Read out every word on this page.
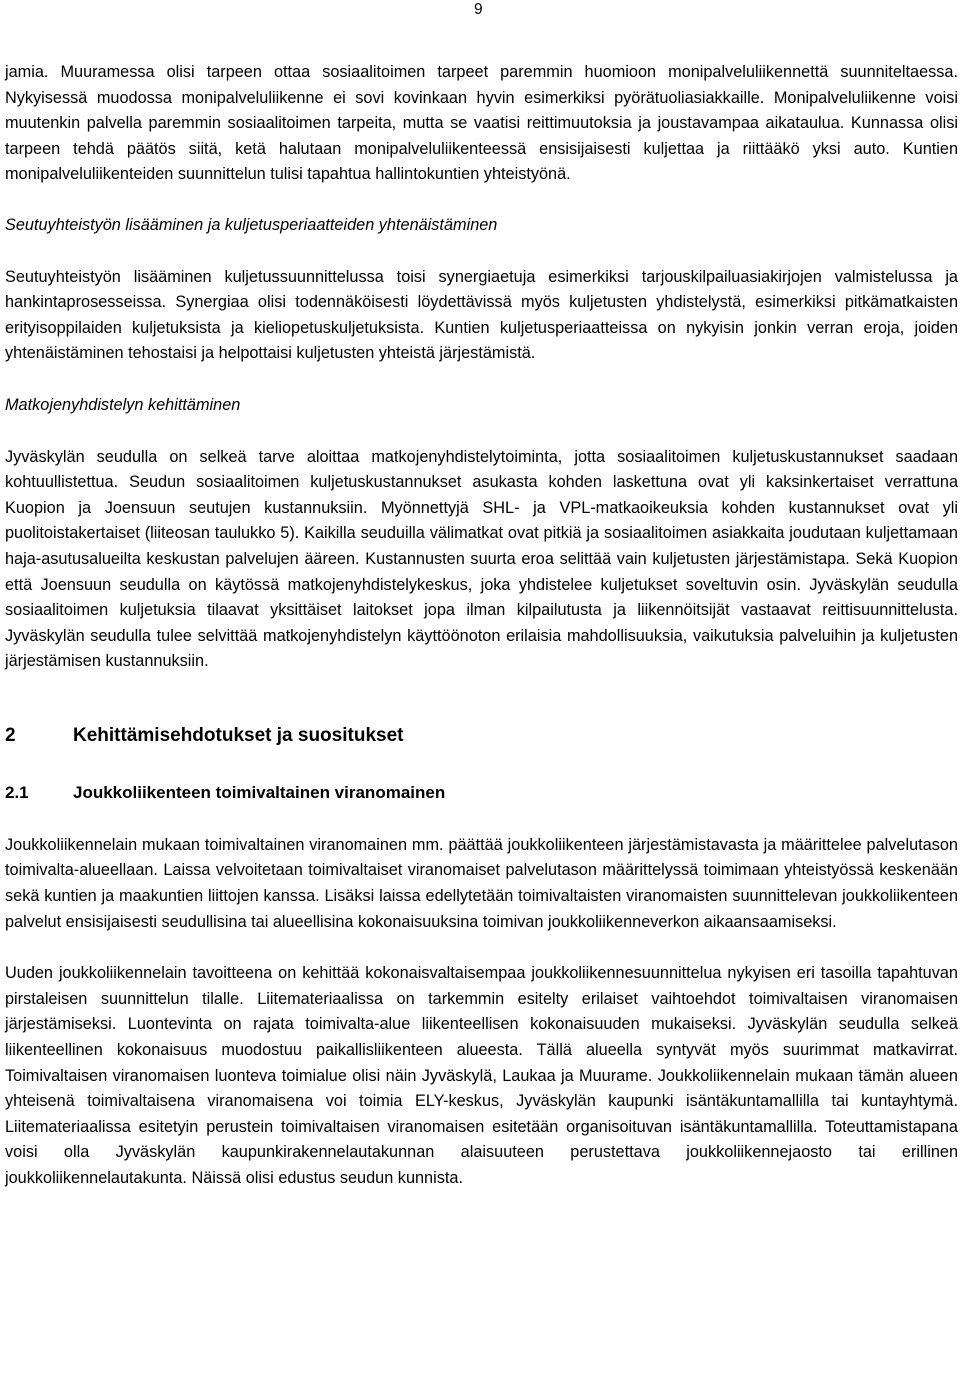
9

jamia. Muuramessa olisi tarpeen ottaa sosiaalitoimen tarpeet paremmin huomioon monipalveluliikennettä suunniteltaessa. Nykyisessä muodossa monipalveluliikenne ei sovi kovinkaan hyvin esimerkiksi pyörätuoliasiakkaille. Monipalveluliikenne voisi muutenkin palvella paremmin sosiaalitoimen tarpeita, mutta se vaatisi reittimuutoksia ja joustavampaa aikataulua. Kunnassa olisi tarpeen tehdä päätös siitä, ketä halutaan monipalveluliikenteessä ensisijaisesti kuljettaa ja riittääkö yksi auto. Kuntien monipalveluliikenteiden suunnittelun tulisi tapahtua hallintokuntien yhteistyönä.

Seutuyhteistyön lisääminen ja kuljetusperiaatteiden yhtenäistäminen

Seutuyhteistyön lisääminen kuljetussuunnittelussa toisi synergiaetuja esimerkiksi tarjouskilpailuasiakirjojen valmistelussa ja hankintaprosesseissa. Synergiaa olisi todennäköisesti löydettävissä myös kuljetusten yhdistelystä, esimerkiksi pitkämatkaisten erityisoppilaiden kuljetuksista ja kieliopetuskuljetuksista. Kuntien kuljetusperiaatteissa on nykyisin jonkin verran eroja, joiden yhtenäistäminen tehostaisi ja helpottaisi kuljetusten yhteistä järjestämistä.

Matkojenyhdistelyn kehittäminen

Jyväskylän seudulla on selkeä tarve aloittaa matkojenyhdistelytoiminta, jotta sosiaalitoimen kuljetuskustannukset saadaan kohtuullistettua. Seudun sosiaalitoimen kuljetuskustannukset asukasta kohden laskettuna ovat yli kaksinkertaiset verrattuna Kuopion ja Joensuun seutujen kustannuksiin. Myönnettyjä SHL- ja VPL-matkaoikeuksia kohden kustannukset ovat yli puolitoistakertaiset (liiteosan taulukko 5). Kaikilla seuduilla välimatkat ovat pitkiä ja sosiaalitoimen asiakkaita joudutaan kuljettamaan haja-asutusalueilta keskustan palvelujen ääreen. Kustannusten suurta eroa selittää vain kuljetusten järjestämistapa. Sekä Kuopion että Joensuun seudulla on käytössä matkojenyhdistelykeskus, joka yhdistelee kuljetukset soveltuvin osin. Jyväskylän seudulla sosiaalitoimen kuljetuksia tilaavat yksittäiset laitokset jopa ilman kilpailutusta ja liikennöitsijät vastaavat reittisuunnittelusta. Jyväskylän seudulla tulee selvittää matkojenyhdistelyn käyttöönoton erilaisia mahdollisuuksia, vaikutuksia palveluihin ja kuljetusten järjestämisen kustannuksiin.

2	Kehittämisehdotukset ja suositukset
2.1	Joukkoliikenteen toimivaltainen viranomainen

Joukkoliikennelain mukaan toimivaltainen viranomainen mm. päättää joukkoliikenteen järjestämistavasta ja määrittelee palvelutason toimivalta-alueellaan. Laissa velvoitetaan toimivaltaiset viranomaiset palvelutason määrittelyssä toimimaan yhteistyössä keskenään sekä kuntien ja maakuntien liittojen kanssa. Lisäksi laissa edellytetään toimivaltaisten viranomaisten suunnittelevan joukkoliikenteen palvelut ensisijaisesti seudullisina tai alueellisina kokonaisuuksina toimivan joukkoliikenneverkon aikaansaamiseksi.

Uuden joukkoliikennelain tavoitteena on kehittää kokonaisvaltaisempaa joukkoliikennesuunnittelua nykyisen eri tasoilla tapahtuvan pirstaleisen suunnittelun tilalle. Liitemateriaalissa on tarkemmin esitelty erilaiset vaihtoehdot toimivaltaisen viranomaisen järjestämiseksi. Luontevinta on rajata toimivalta-alue liikenteellisen kokonaisuuden mukaiseksi. Jyväskylän seudulla selkeä liikenteellinen kokonaisuus muodostuu paikallisliikenteen alueesta. Tällä alueella syntyvät myös suurimmat matkavirrat. Toimivaltaisen viranomaisen luonteva toimialue olisi näin Jyväskylä, Laukaa ja Muurame. Joukkoliikennelain mukaan tämän alueen yhteisenä toimivaltaisena viranomaisena voi toimia ELY-keskus, Jyväskylän kaupunki isäntäkuntamallilla tai kuntayhtymä. Liitemateriaalissa esitetyin perustein toimivaltaisen viranomaisen esitetään organisoituvan isäntäkuntamallilla. Toteuttamistapana voisi olla Jyväskylän kaupunkirakennelautakunnan alaisuuteen perustettava joukkoliikennejaosto tai erillinen joukkoliikennelautakunta. Näissä olisi edustus seudun kunnista.
